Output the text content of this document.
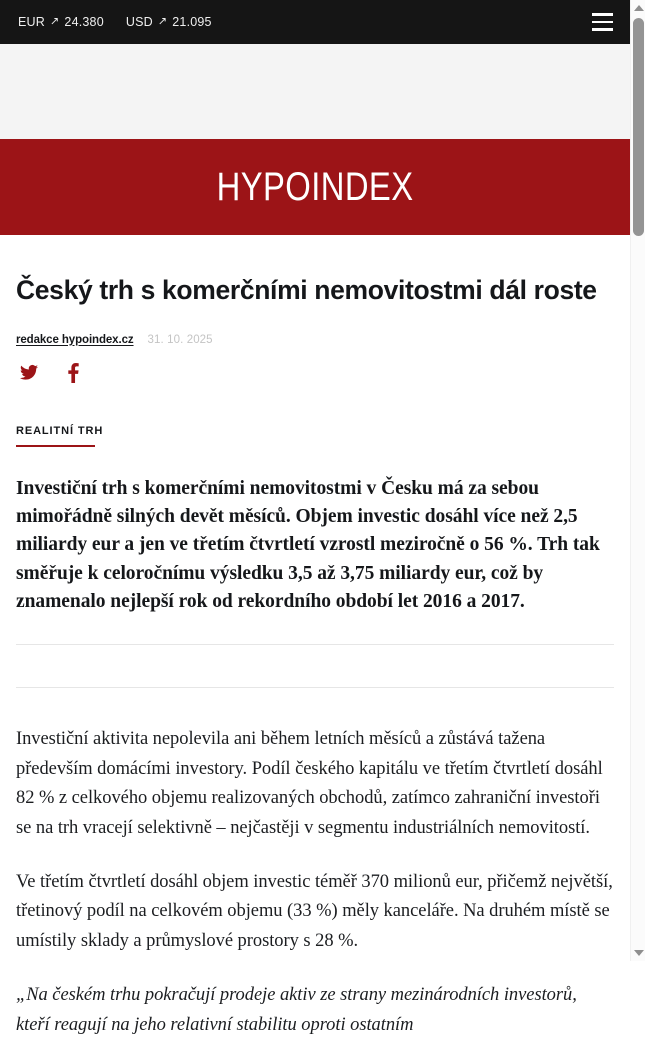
EUR ↗ 24.380 USD ↗ 21.095
HYPOINDEX
Český trh s komerčními nemovitostmi dál roste
redakce hypoindex.cz 31. 10. 2025
REALITNÍ TRH

Investiční trh s komerčními nemovitostmi v Česku má za sebou mimořádně silných devět měsíců. Objem investic dosáhl více než 2,5 miliardy eur a jen ve třetím čtvrtletí vzrostl meziročně o 56 %. Trh tak směřuje k celoročnímu výsledku 3,5 až 3,75 miliardy eur, což by znamenalo nejlepší rok od rekordního období let 2016 a 2017.

Investiční aktivita nepolevila ani během letních měsíců a zůstává tažena především domácími investory. Podíl českého kapitálu ve třetím čtvrtletí dosáhl 82 % z celkového objemu realizovaných obchodů, zatímco zahraniční investoři se na trh vracejí selektivně – nejčastěji v segmentu industriálních nemovitostí.

Ve třetím čtvrtletí dosáhl objem investic téměř 370 milionů eur, přičemž největší, třetinový podíl na celkovém objemu (33 %) měly kanceláře. Na druhém místě se umístily sklady a průmyslové prostory s 28 %.

„Na českém trhu pokračují prodeje aktiv ze strany mezinárodních investorů, kteří reagují na jeho relativní stabilitu oproti ostatním
